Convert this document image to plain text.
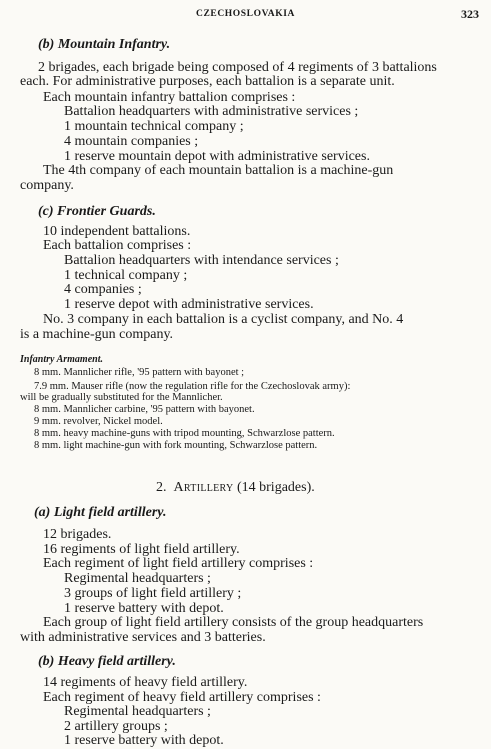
CZECHOSLOVAKIA	323
(b) Mountain Infantry.
2 brigades, each brigade being composed of 4 regiments of 3 battalions
each. For administrative purposes, each battalion is a separate unit.
Each mountain infantry battalion comprises :
Battalion headquarters with administrative services ;
1 mountain technical company ;
4 mountain companies ;
1 reserve mountain depot with administrative services.
The 4th company of each mountain battalion is a machine-gun
company.
(c) Frontier Guards.
10 independent battalions.
Each battalion comprises :
Battalion headquarters with intendance services ;
1 technical company ;
4 companies ;
1 reserve depot with administrative services.
No. 3 company in each battalion is a cyclist company, and No. 4
is a machine-gun company.
Infantry Armament.
8 mm. Mannlicher rifle, '95 pattern with bayonet ;
7.9 mm. Mauser rifle (now the regulation rifle for the Czechoslovak army):
will be gradually substituted for the Mannlicher.
8 mm. Mannlicher carbine, '95 pattern with bayonet.
9 mm. revolver, Nickel model.
8 mm. heavy machine-guns with tripod mounting, Schwarzlose pattern.
8 mm. light machine-gun with fork mounting, Schwarzlose pattern.
2. Artillery (14 brigades).
(a) Light field artillery.
12 brigades.
16 regiments of light field artillery.
Each regiment of light field artillery comprises :
Regimental headquarters ;
3 groups of light field artillery ;
1 reserve battery with depot.
Each group of light field artillery consists of the group headquarters
with administrative services and 3 batteries.
(b) Heavy field artillery.
14 regiments of heavy field artillery.
Each regiment of heavy field artillery comprises :
Regimental headquarters ;
2 artillery groups ;
1 reserve battery with depot.
